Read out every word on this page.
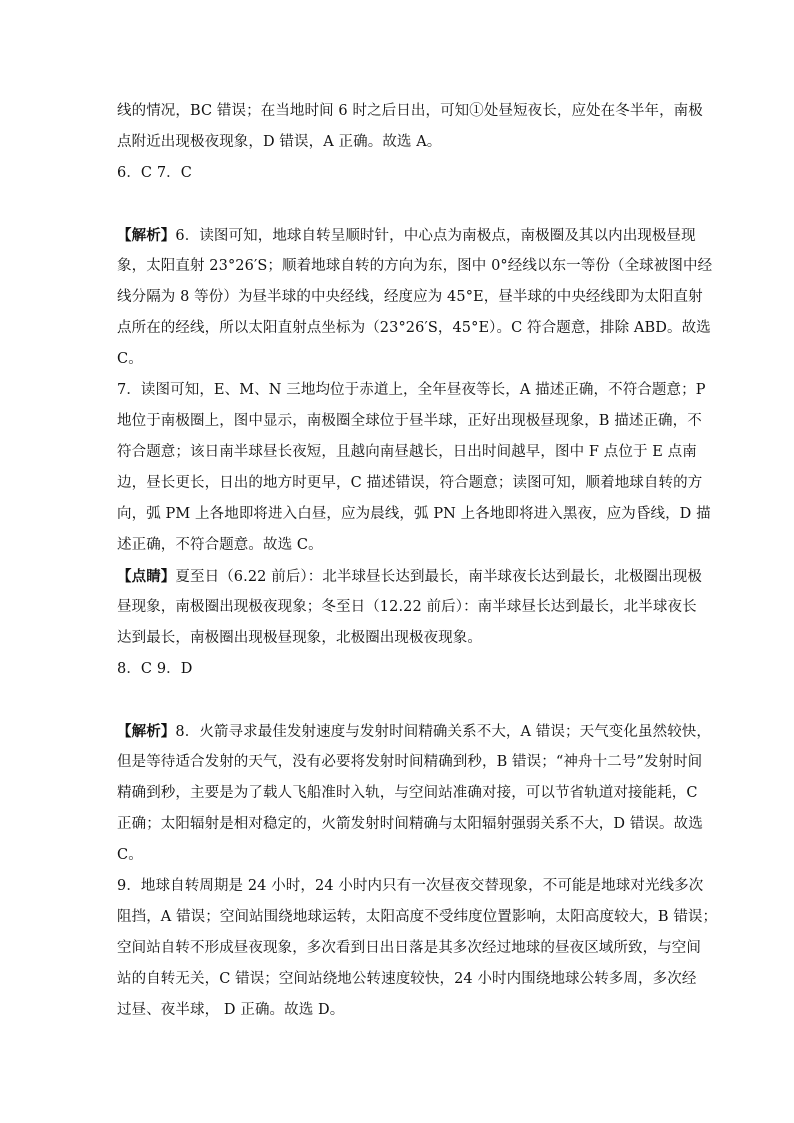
线的情况，BC 错误；在当地时间 6 时之后日出，可知①处昼短夜长，应处在冬半年，南极
点附近出现极夜现象，D 错误，A 正确。故选 A。
6．C 7．C
【解析】6．读图可知，地球自转呈顺时针，中心点为南极点，南极圈及其以内出现极昼现
象，太阳直射 23°26′S；顺着地球自转的方向为东，图中 0°经线以东一等份（全球被图中经
线分隔为 8 等份）为昼半球的中央经线，经度应为 45°E，昼半球的中央经线即为太阳直射
点所在的经线，所以太阳直射点坐标为（23°26′S，45°E）。C 符合题意，排除 ABD。故选
C。
7．读图可知，E、M、N 三地均位于赤道上，全年昼夜等长，A 描述正确，不符合题意；P
地位于南极圈上，图中显示，南极圈全球位于昼半球，正好出现极昼现象，B 描述正确，不
符合题意；该日南半球昼长夜短，且越向南昼越长，日出时间越早，图中 F 点位于 E 点南
边，昼长更长，日出的地方时更早，C 描述错误，符合题意；读图可知，顺着地球自转的方
向，弧 PM 上各地即将进入白昼，应为晨线，弧 PN 上各地即将进入黑夜，应为昏线，D 描
述正确，不符合题意。故选 C。
【点睛】夏至日（6.22 前后）：北半球昼长达到最长，南半球夜长达到最长，北极圈出现极
昼现象，南极圈出现极夜现象；冬至日（12.22 前后）：南半球昼长达到最长，北半球夜长
达到最长，南极圈出现极昼现象，北极圈出现极夜现象。
8．C 9．D
【解析】8．火箭寻求最佳发射速度与发射时间精确关系不大，A 错误；天气变化虽然较快，
但是等待适合发射的天气，没有必要将发射时间精确到秒，B 错误；“神舟十二号”发射时间
精确到秒，主要是为了载人飞船准时入轨，与空间站准确对接，可以节省轨道对接能耗，C
正确；太阳辐射是相对稳定的，火箭发射时间精确与太阳辐射强弱关系不大，D 错误。故选
C。
9．地球自转周期是 24 小时，24 小时内只有一次昼夜交替现象，不可能是地球对光线多次
阻挡，A 错误；空间站围绕地球运转，太阳高度不受纬度位置影响，太阳高度较大，B 错误；
空间站自转不形成昼夜现象，多次看到日出日落是其多次经过地球的昼夜区域所致，与空间
站的自转无关，C 错误；空间站绕地公转速度较快，24 小时内围绕地球公转多周，多次经
过昼、夜半球， D 正确。故选 D。
